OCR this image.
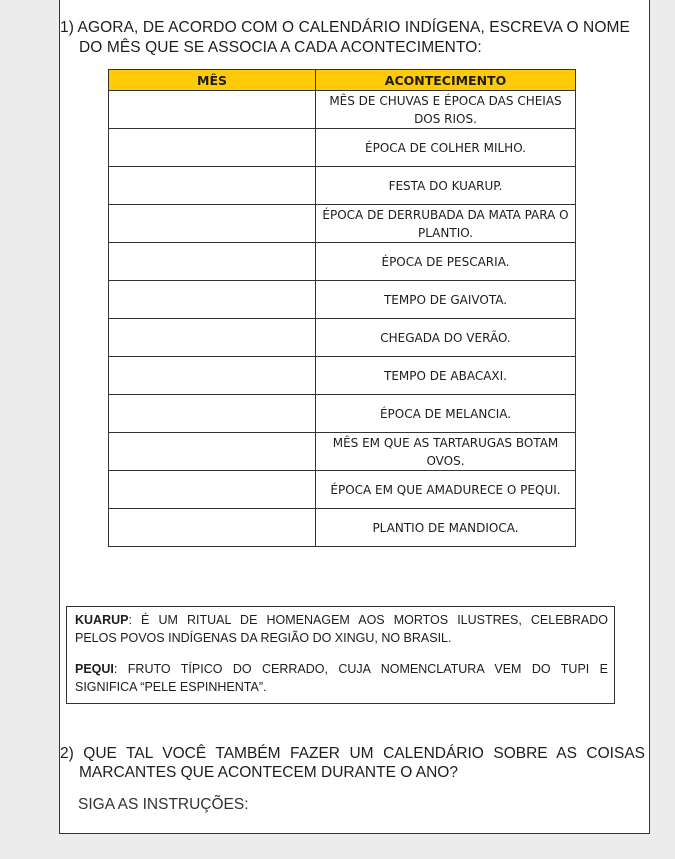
1) AGORA, DE ACORDO COM O CALENDÁRIO INDÍGENA, ESCREVA O NOME
DO MÊS QUE SE ASSOCIA A CADA ACONTECIMENTO:
MÊS	ACONTECIMENTO
	MÊS DE CHUVAS E ÉPOCA DAS CHEIAS DOS RIOS.
	ÉPOCA DE COLHER MILHO.
	FESTA DO KUARUP.
	ÉPOCA DE DERRUBADA DA MATA PARA O PLANTIO.
	ÉPOCA DE PESCARIA.
	TEMPO DE GAIVOTA.
	CHEGADA DO VERÃO.
	TEMPO DE ABACAXI.
	ÉPOCA DE MELANCIA.
	MÊS EM QUE AS TARTARUGAS BOTAM OVOS.
	ÉPOCA EM QUE AMADURECE O PEQUI.
	PLANTIO DE MANDIOCA.

KUARUP: É UM RITUAL DE HOMENAGEM AOS MORTOS ILUSTRES, CELEBRADO
PELOS POVOS INDÍGENAS DA REGIÃO DO XINGU, NO BRASIL.

PEQUI: FRUTO TÍPICO DO CERRADO, CUJA NOMENCLATURA VEM DO TUPI E
SIGNIFICA “PELE ESPINHENTA”.

2) QUE TAL VOCÊ TAMBÉM FAZER UM CALENDÁRIO SOBRE AS COISAS
MARCANTES QUE ACONTECEM DURANTE O ANO?
SIGA AS INSTRUÇÕES:
